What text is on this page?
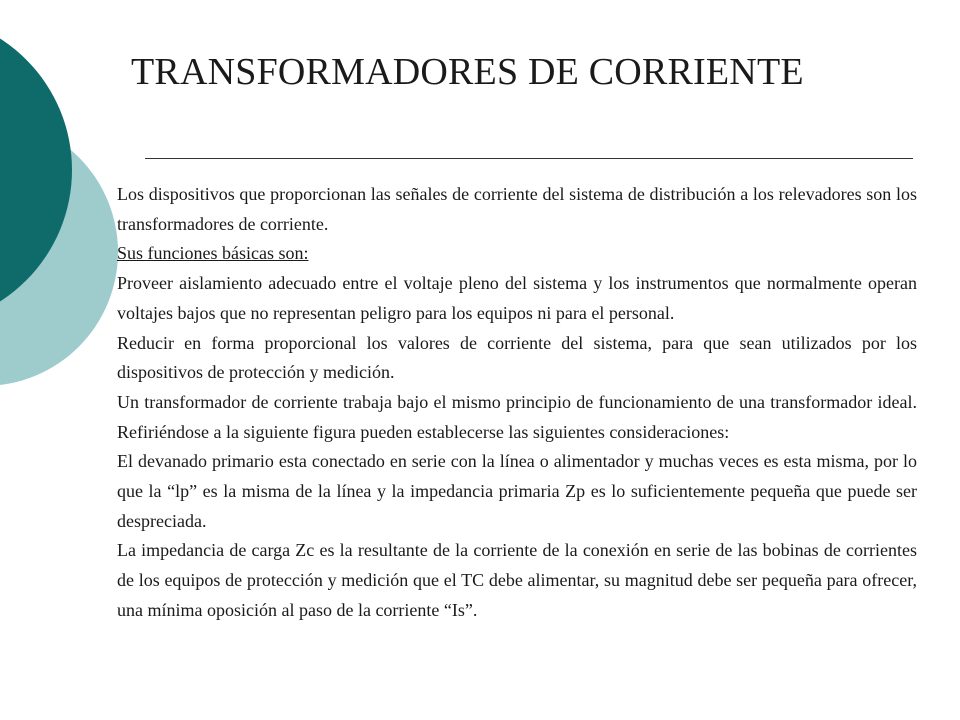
TRANSFORMADORES DE CORRIENTE

Los dispositivos que proporcionan las señales de corriente del sistema de distribución a los relevadores son los transformadores de corriente.

Sus funciones básicas son:

Proveer aislamiento adecuado entre el voltaje pleno del sistema y los instrumentos que normalmente operan voltajes bajos que no representan peligro para los equipos ni para el personal.

Reducir en forma proporcional los valores de corriente del sistema, para que sean utilizados por los dispositivos de protección y medición.

Un transformador de corriente trabaja bajo el mismo principio de funcionamiento de una transformador ideal. Refiriéndose a la siguiente figura pueden establecerse las siguientes consideraciones:

El devanado primario esta conectado en serie con la línea o alimentador y muchas veces es esta misma, por lo que la “lp” es la misma de la línea y la impedancia primaria Zp es lo suficientemente pequeña que puede ser despreciada.

La impedancia de carga Zc es la resultante de la corriente de la conexión en serie de las bobinas de corrientes de los equipos de protección y medición que el TC debe alimentar, su magnitud debe ser pequeña para ofrecer, una mínima oposición al paso de la corriente “Is”.
